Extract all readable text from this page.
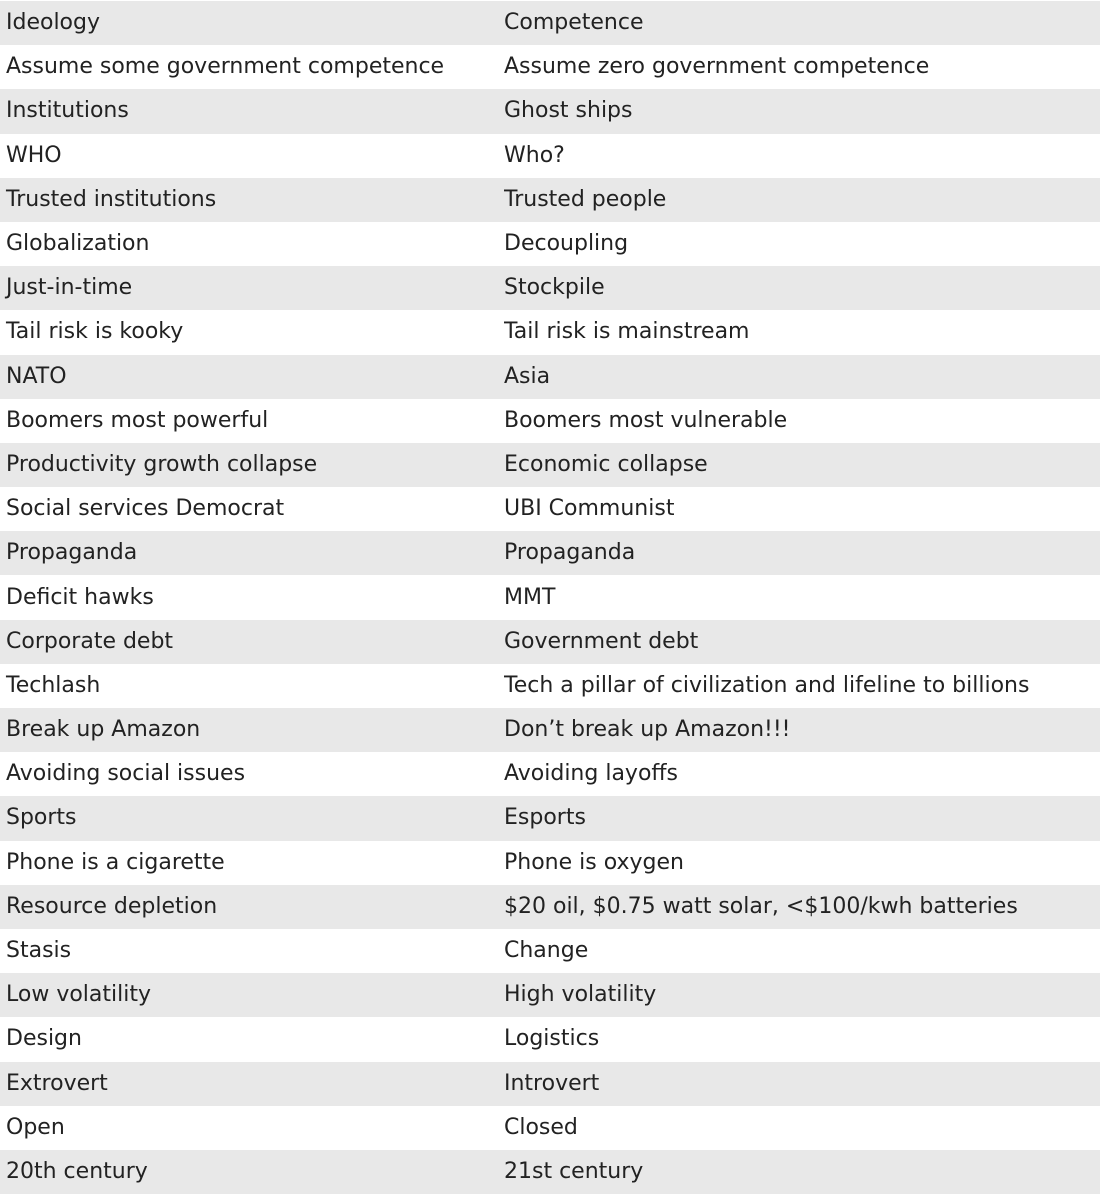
Ideology	Competence
Assume some government competence	Assume zero government competence
Institutions	Ghost ships
WHO	Who?
Trusted institutions	Trusted people
Globalization	Decoupling
Just-in-time	Stockpile
Tail risk is kooky	Tail risk is mainstream
NATO	Asia
Boomers most powerful	Boomers most vulnerable
Productivity growth collapse	Economic collapse
Social services Democrat	UBI Communist
Propaganda	Propaganda
Deficit hawks	MMT
Corporate debt	Government debt
Techlash	Tech a pillar of civilization and lifeline to billions
Break up Amazon	Don’t break up Amazon!!!
Avoiding social issues	Avoiding layoffs
Sports	Esports
Phone is a cigarette	Phone is oxygen
Resource depletion	$20 oil, $0.75 watt solar, <$100/kwh batteries
Stasis	Change
Low volatility	High volatility
Design	Logistics
Extrovert	Introvert
Open	Closed
20th century	21st century
